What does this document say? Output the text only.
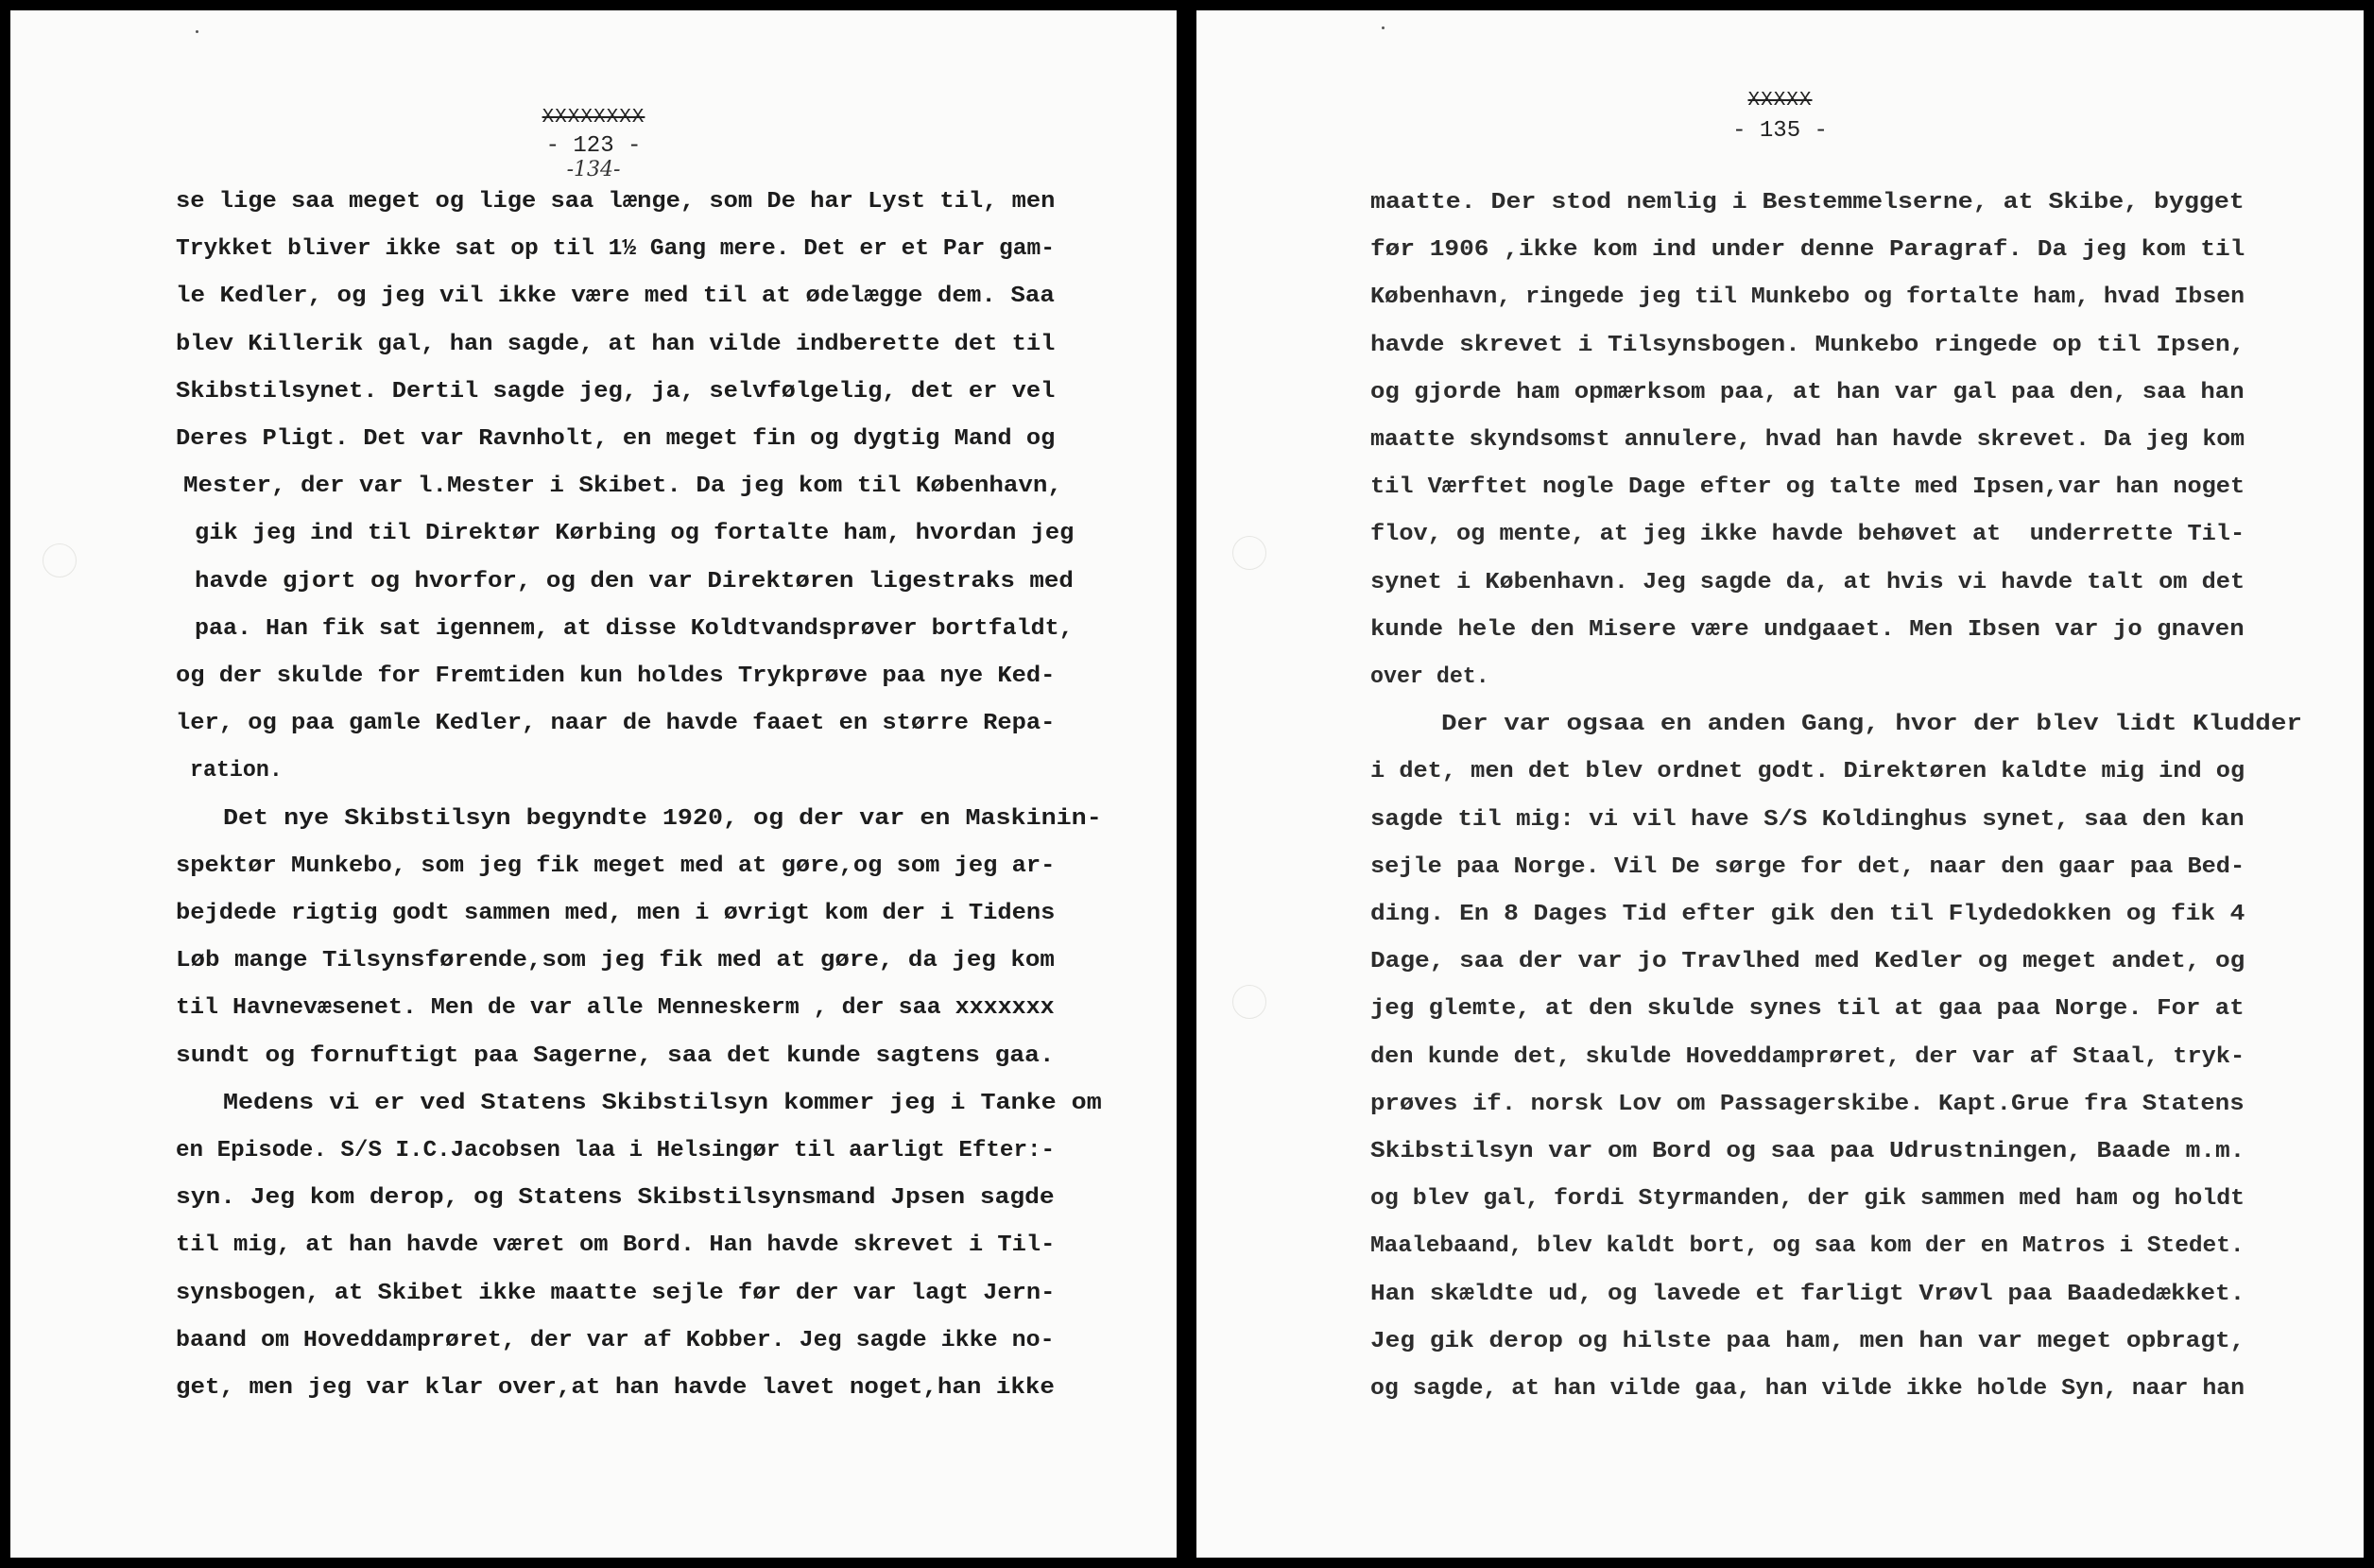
XXXXXXXX
- 123 -
-134-
se lige saa meget og lige saa længe, som De har Lyst til, men
Trykket bliver ikke sat op til 1½ Gang mere. Det er et Par gam-
le Kedler, og jeg vil ikke være med til at ødelægge dem. Saa
blev Killerik gal, han sagde, at han vilde indberette det til
Skibstilsynet. Dertil sagde jeg, ja, selvfølgelig, det er vel
Deres Pligt. Det var Ravnholt, en meget fin og dygtig Mand og
Mester, der var l.Mester i Skibet. Da jeg kom til København,
gik jeg ind til Direktør Kørbing og fortalte ham, hvordan jeg
havde gjort og hvorfor, og den var Direktøren ligestraks med
paa. Han fik sat igennem, at disse Koldtvandsprøver bortfaldt,
og der skulde for Fremtiden kun holdes Trykprøve paa nye Ked-
ler, og paa gamle Kedler, naar de havde faaet en større Repa-
ration.
Det nye Skibstilsyn begyndte 1920, og der var en Maskinin-
spektør Munkebo, som jeg fik meget med at gøre,og som jeg ar-
bejdede rigtig godt sammen med, men i øvrigt kom der i Tidens
Løb mange Tilsynsførende,som jeg fik med at gøre, da jeg kom
til Havnevæsenet. Men de var alle Menneskerm , der saa xxxxxxx
sundt og fornuftigt paa Sagerne, saa det kunde sagtens gaa.
Medens vi er ved Statens Skibstilsyn kommer jeg i Tanke om
en Episode. S/S I.C.Jacobsen laa i Helsingør til aarligt Efter:-
syn. Jeg kom derop, og Statens Skibstilsynsmand Jpsen sagde
til mig, at han havde været om Bord. Han havde skrevet i Til-
synsbogen, at Skibet ikke maatte sejle før der var lagt Jern-
baand om Hoveddamprøret, der var af Kobber. Jeg sagde ikke no-
get, men jeg var klar over,at han havde lavet noget,han ikke
XXXXX
- 135 -
maatte. Der stod nemlig i Bestemmelserne, at Skibe, bygget
før 1906 ,ikke kom ind under denne Paragraf. Da jeg kom til
København, ringede jeg til Munkebo og fortalte ham, hvad Ibsen
havde skrevet i Tilsynsbogen. Munkebo ringede op til Ipsen,
og gjorde ham opmærksom paa, at han var gal paa den, saa han
maatte skyndsomst annulere, hvad han havde skrevet. Da jeg kom
til Værftet nogle Dage efter og talte med Ipsen,var han noget
flov, og mente, at jeg ikke havde behøvet at  underrette Til-
synet i København. Jeg sagde da, at hvis vi havde talt om det
kunde hele den Misere være undgaaet. Men Ibsen var jo gnaven
over det.
Der var ogsaa en anden Gang, hvor der blev lidt Kludder
i det, men det blev ordnet godt. Direktøren kaldte mig ind og
sagde til mig: vi vil have S/S Koldinghus synet, saa den kan
sejle paa Norge. Vil De sørge for det, naar den gaar paa Bed-
ding. En 8 Dages Tid efter gik den til Flydedokken og fik 4
Dage, saa der var jo Travlhed med Kedler og meget andet, og
jeg glemte, at den skulde synes til at gaa paa Norge. For at
den kunde det, skulde Hoveddamprøret, der var af Staal, tryk-
prøves if. norsk Lov om Passagerskibe. Kapt.Grue fra Statens
Skibstilsyn var om Bord og saa paa Udrustningen, Baade m.m.
og blev gal, fordi Styrmanden, der gik sammen med ham og holdt
Maalebaand, blev kaldt bort, og saa kom der en Matros i Stedet.
Han skældte ud, og lavede et farligt Vrøvl paa Baadedækket.
Jeg gik derop og hilste paa ham, men han var meget opbragt,
og sagde, at han vilde gaa, han vilde ikke holde Syn, naar han
